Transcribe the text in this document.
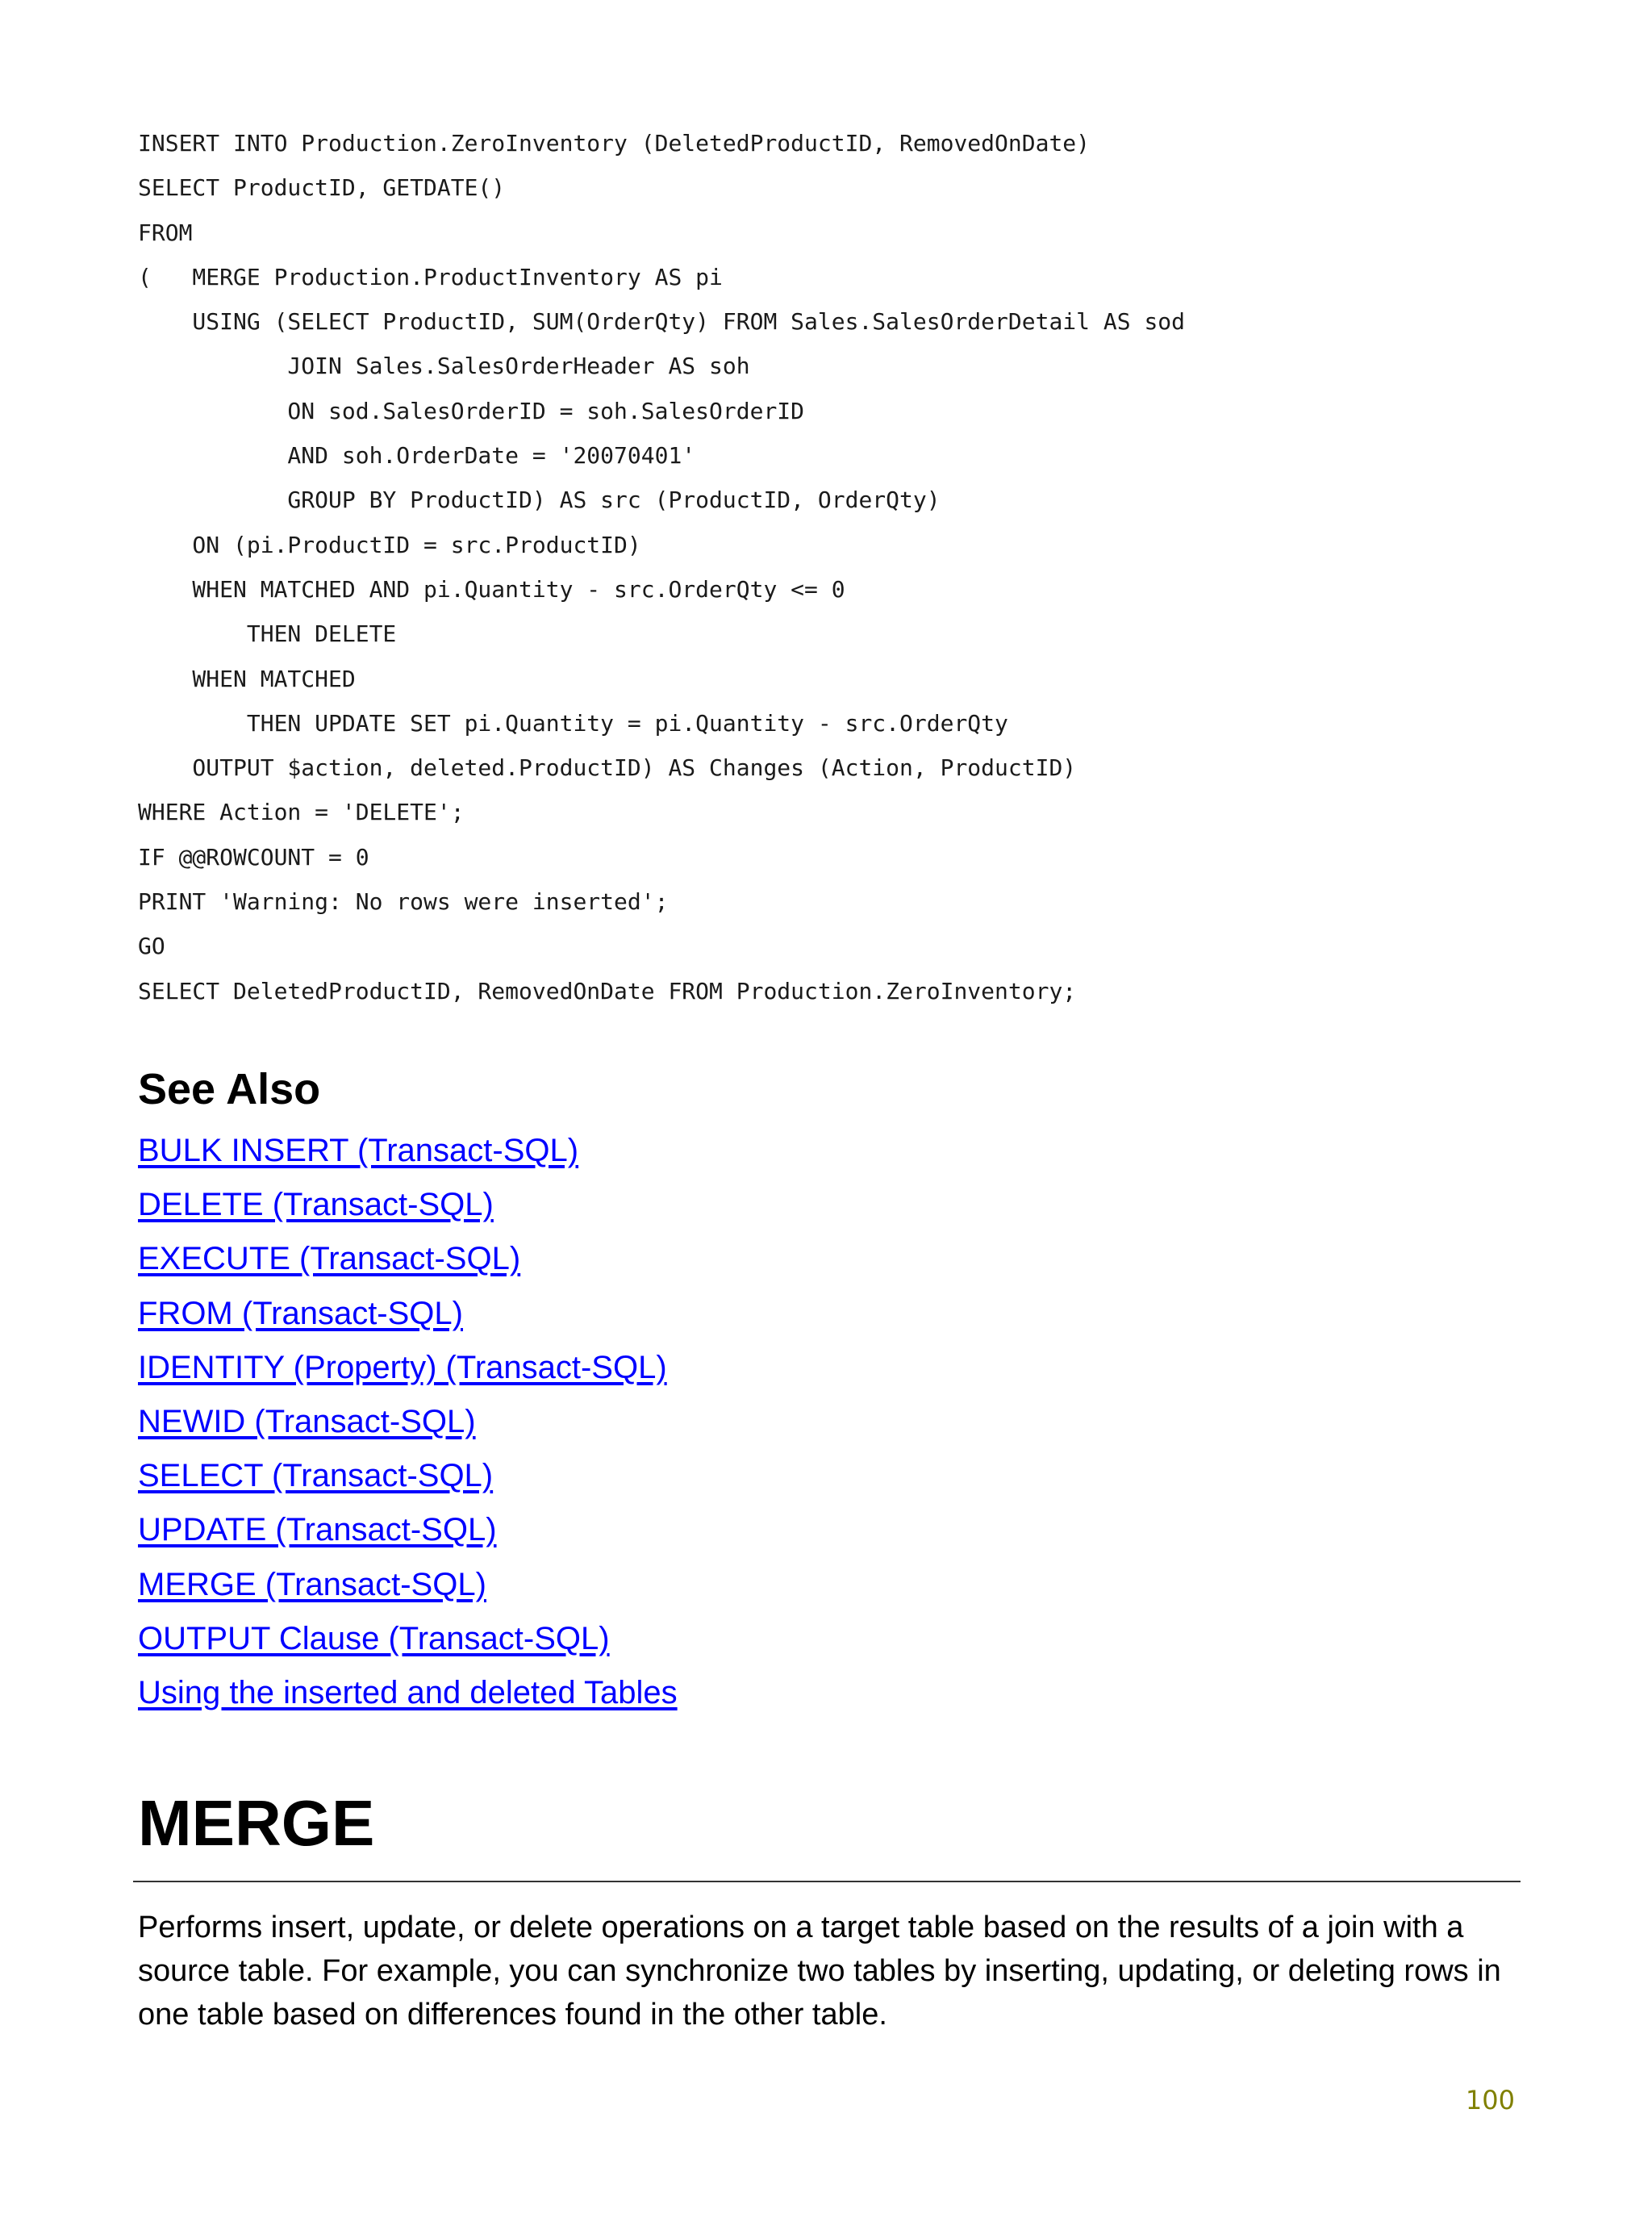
INSERT INTO Production.ZeroInventory (DeletedProductID, RemovedOnDate)
SELECT ProductID, GETDATE()
FROM
(   MERGE Production.ProductInventory AS pi
USING (SELECT ProductID, SUM(OrderQty) FROM Sales.SalesOrderDetail AS sod
JOIN Sales.SalesOrderHeader AS soh
ON sod.SalesOrderID = soh.SalesOrderID
AND soh.OrderDate = '20070401'
GROUP BY ProductID) AS src (ProductID, OrderQty)
ON (pi.ProductID = src.ProductID)
WHEN MATCHED AND pi.Quantity - src.OrderQty <= 0
THEN DELETE
WHEN MATCHED
THEN UPDATE SET pi.Quantity = pi.Quantity - src.OrderQty
OUTPUT $action, deleted.ProductID) AS Changes (Action, ProductID)
WHERE Action = 'DELETE';
IF @@ROWCOUNT = 0
PRINT 'Warning: No rows were inserted';
GO
SELECT DeletedProductID, RemovedOnDate FROM Production.ZeroInventory;
See Also
BULK INSERT (Transact-SQL)
DELETE (Transact-SQL)
EXECUTE (Transact-SQL)
FROM (Transact-SQL)
IDENTITY (Property) (Transact-SQL)
NEWID (Transact-SQL)
SELECT (Transact-SQL)
UPDATE (Transact-SQL)
MERGE (Transact-SQL)
OUTPUT Clause (Transact-SQL)
Using the inserted and deleted Tables
MERGE

Performs insert, update, or delete operations on a target table based on the results of a join with a source table. For example, you can synchronize two tables by inserting, updating, or deleting rows in one table based on differences found in the other table.

100
